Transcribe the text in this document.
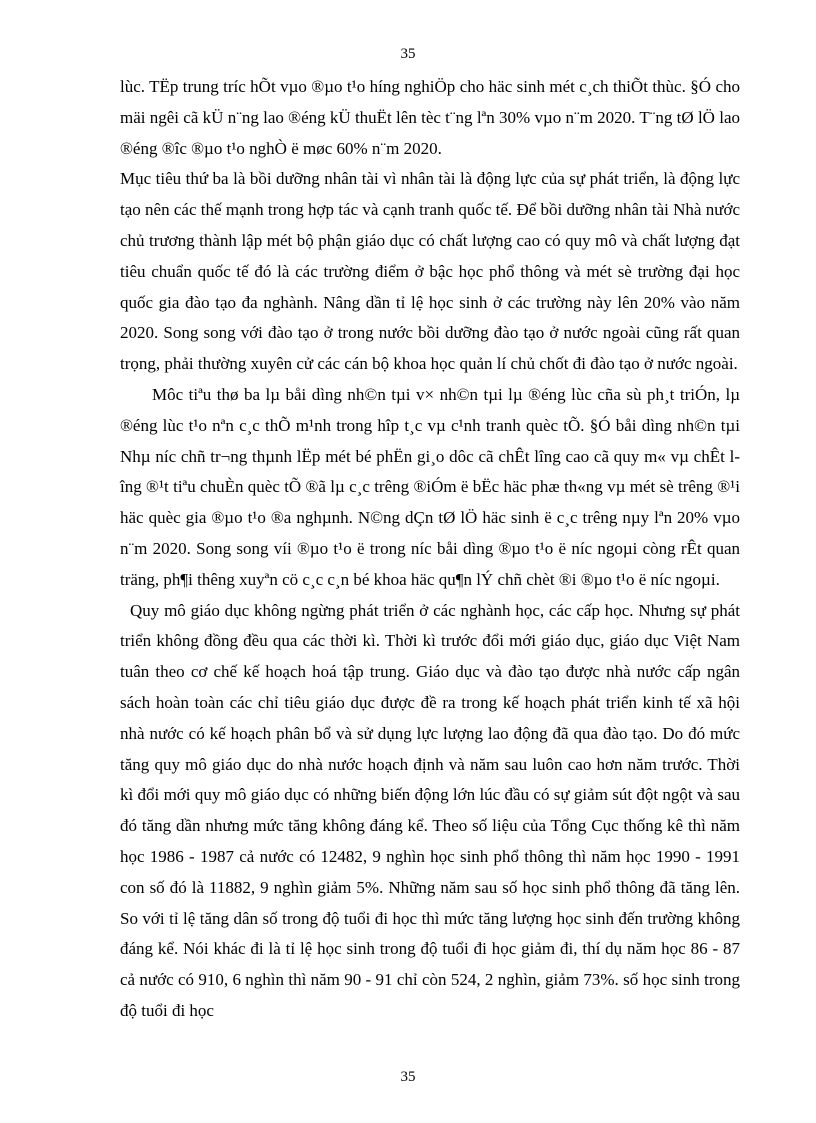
35

lùc. TËp trung tríc hÕt vµo ®µo t¹o híng nghiÖp cho häc sinh mét c¸ch thiÕt thùc. §Ó cho mäi ngêi cã kÜ n¨ng lao ®éng kÜ thuËt lên tèc t¨ng lªn 30% vµo n¨m 2020. T¨ng tØ lÖ lao ®éng ®îc ®µo t¹o nghÒ ë møc 60% n¨m 2020.

Mục tiêu thứ ba là bồi dưỡng nhân tài vì nhân tài là động lực của sự phát triển, là động lực tạo nên các thế mạnh trong hợp tác và cạnh tranh quốc tế. Để bồi dưỡng nhân tài Nhà nước chủ trương thành lập mét bộ phận giáo dục có chất lượng cao có quy mô và chất lượng đạt tiêu chuẩn quốc tế đó là các trường điểm ở bậc học phổ thông và mét sè trường đại học quốc gia đào tạo đa nghành. Nâng dần tỉ lệ học sinh ở các trường này lên 20% vào năm 2020. Song song với đào tạo ở trong nước bồi dưỡng đào tạo ở nước ngoài cũng rất quan trọng, phải thường xuyên cử các cán bộ khoa học quản lí chủ chốt đi đào tạo ở nước ngoài.

Môc tiªu thø ba lµ båi dìng nh©n tµi v× nh©n tµi lµ ®éng lùc cña sù ph¸t triÓn, lµ ®éng lùc t¹o nªn c¸c thÕ m¹nh trong hîp t¸c vµ c¹nh tranh quèc tÕ. §Ó båi dìng nh©n tµi Nhµ níc chñ tr¬ng thµnh lËp mét bé phËn gi¸o dôc cã chÊt lîng cao cã quy m« vµ chÊt lîng ®¹t tiªu chuÈn quèc tÕ ®ã lµ c¸c trêng ®iÓm ë bËc häc phæ th«ng vµ mét sè trêng ®¹i häc quèc gia ®µo t¹o ®a nghµnh. N©ng dÇn tØ lÖ häc sinh ë c¸c trêng nµy lªn 20% vµo n¨m 2020. Song song víi ®µo t¹o ë trong níc båi dìng ®µo t¹o ë níc ngoµi còng rÊt quan träng, ph¶i thêng xuyªn cö c¸c c¸n bé khoa häc qu¶n lÝ chñ chèt ®i ®µo t¹o ë níc ngoµi.

Quy mô giáo dục không ngừng phát triển ở các nghành học, các cấp học. Nhưng sự phát triển không đồng đều qua các thời kì. Thời kì trước đổi mới giáo dục, giáo dục Việt Nam tuân theo cơ chế kế hoạch hoá tập trung. Giáo dục và đào tạo được nhà nước cấp ngân sách hoàn toàn các chỉ tiêu giáo dục được đề ra trong kế hoạch phát triển kinh tế xã hội nhà nước có kế hoạch phân bổ và sử dụng lực lượng lao động đã qua đào tạo. Do đó mức tăng quy mô giáo dục do nhà nước hoạch định và năm sau luôn cao hơn năm trước. Thời kì đổi mới quy mô giáo dục có những biến động lớn lúc đầu có sự giảm sút đột ngột và sau đó tăng dần nhưng mức tăng không đáng kể. Theo số liệu của Tổng Cục thống kê thì năm học 1986 - 1987 cả nước có 12482, 9 nghìn học sinh phổ thông thì năm học 1990 - 1991 con số đó là 11882, 9 nghìn giảm 5%. Những năm sau số học sinh phổ thông đã tăng lên. So với tỉ lệ tăng dân số trong độ tuổi đi học thì mức tăng lượng học sinh đến trường không đáng kể. Nói khác đi là tỉ lệ học sinh trong độ tuổi đi học giảm đi, thí dụ năm học 86 - 87 cả nước có 910, 6 nghìn thì năm 90 - 91 chỉ còn 524, 2 nghìn, giảm 73%. số học sinh trong độ tuổi đi học

35
